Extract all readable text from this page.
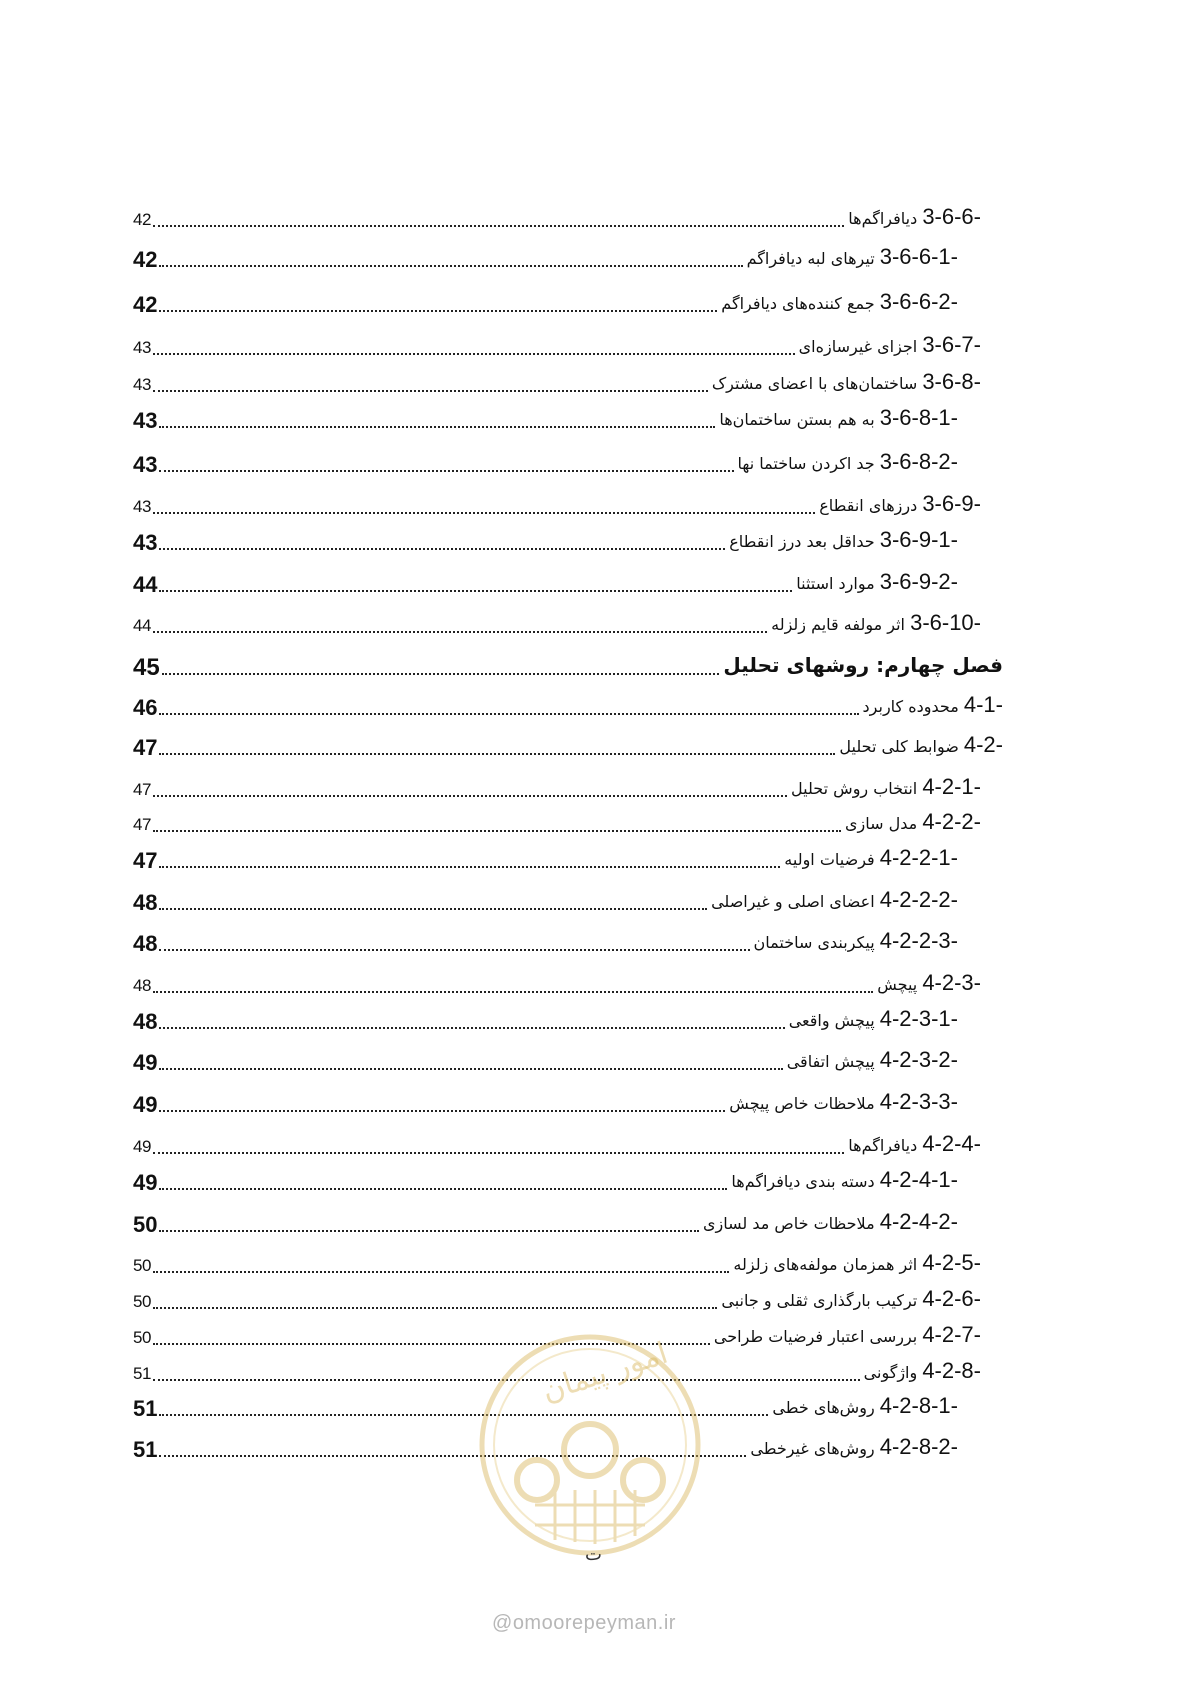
42	3-6-6- دیافراگم‌ها
42	3-6-6-1- تیرهای لبه دیافراگم
42	3-6-6-2- جمع کننده‌های دیافراگم
43	3-6-7- اجزای غیرسازه‌ای
43	3-6-8- ساختمان‌های با اعضای مشترک
43	3-6-8-1- به هم بستن ساختمان‌ها
43	3-6-8-2- جد اکردن ساختما نها
43	3-6-9- درزهای انقطاع
43	3-6-9-1- حداقل بعد درز انقطاع
44	3-6-9-2- موارد استثنا
44	3-6-10- اثر مولفه قایم زلزله
45	فصل چهارم: روشهای تحلیل
46	4-1- محدوده کاربرد
47	4-2- ضوابط کلی تحلیل
47	4-2-1- انتخاب روش تحلیل
47	4-2-2- مدل سازی
47	4-2-2-1- فرضیات اولیه
48	4-2-2-2- اعضای اصلی و غیراصلی
48	4-2-2-3- پیکربندی ساختمان
48	4-2-3- پیچش
48	4-2-3-1- پیچش واقعی
49	4-2-3-2- پیچش اتفاقی
49	4-2-3-3- ملاحظات خاص پیچش
49	4-2-4- دیافراگم‌ها
49	4-2-4-1- دسته بندی دیافراگم‌ها
50	4-2-4-2- ملاحظات خاص مد لسازی
50	4-2-5- اثر همزمان مولفه‌های زلزله
50	4-2-6- ترکیب بارگذاری ثقلی و جانبی
50	4-2-7- بررسی اعتبار فرضیات طراحی
51	4-2-8- واژگونی
51	4-2-8-1- روش‌های خطی
51	4-2-8-2- روش‌های غیرخطی
امور پیمان
ت
@omoorepeyman.ir
